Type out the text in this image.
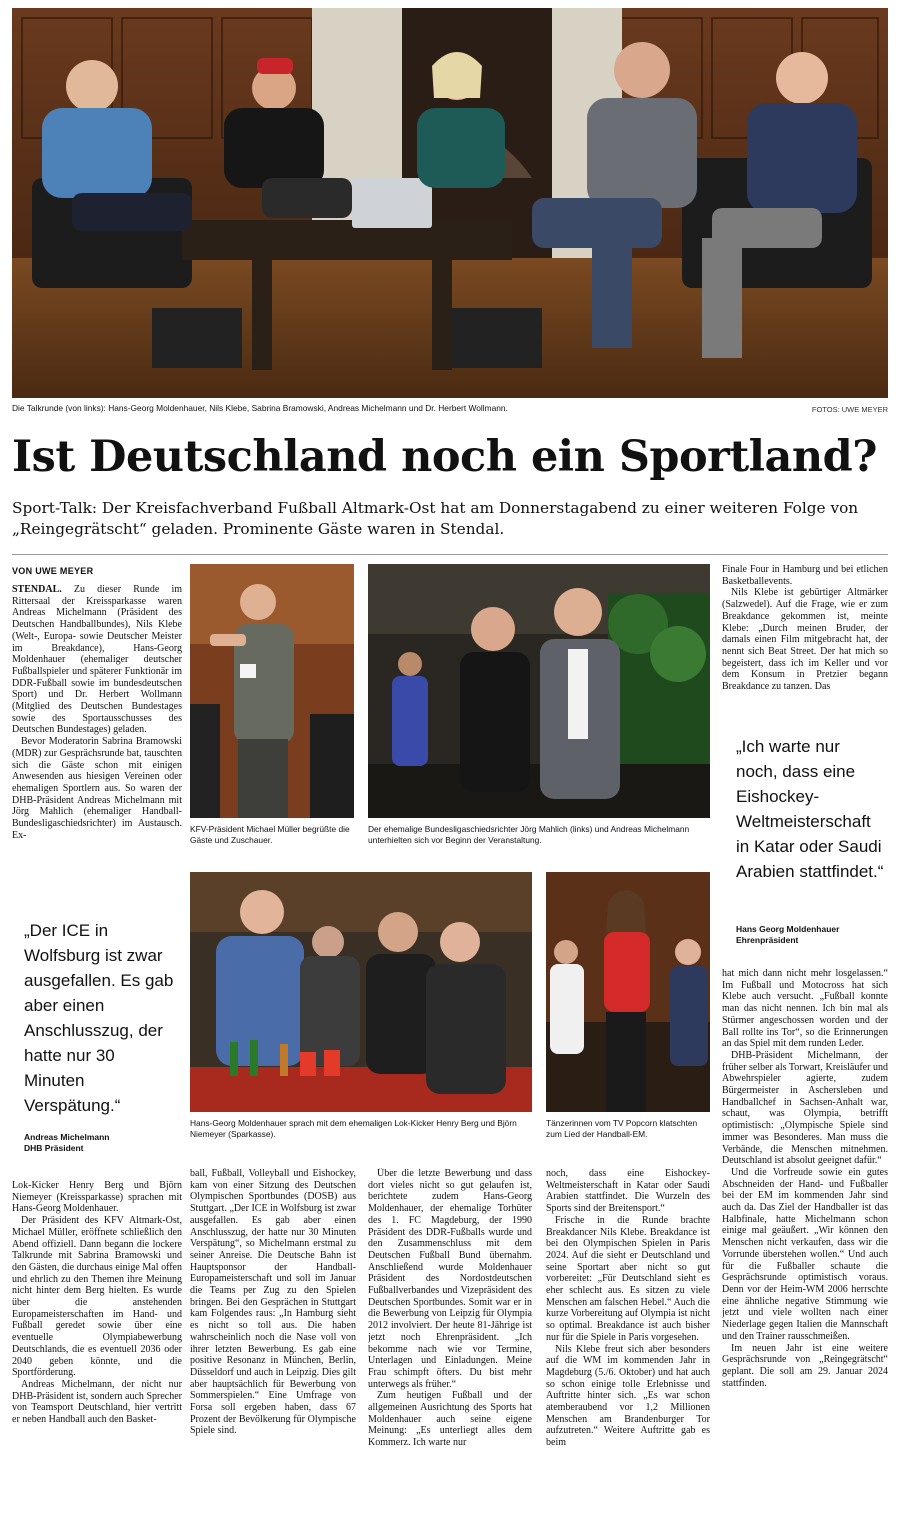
Die Talkrunde (von links): Hans-Georg Moldenhauer, Nils Klebe, Sabrina Bramowski, Andreas Michelmann und Dr. Herbert Wollmann.	FOTOS: UWE MEYER
Ist Deutschland noch ein Sportland?
Sport-Talk: Der Kreisfachverband Fußball Altmark-Ost hat am Donnerstagabend zu einer weiteren Folge von „Reingegrätscht“ geladen. Prominente Gäste waren in Stendal.
VON UWE MEYER

STENDAL. Zu dieser Runde im Rittersaal der Kreissparkasse waren Andreas Michelmann (Präsident des Deutschen Handballbundes), Nils Klebe (Welt-, Europa- sowie Deutscher Meister im Breakdance), Hans-Georg Moldenhauer (ehemaliger deutscher Fußballspieler und späterer Funktionär im DDR-Fußball sowie im bundesdeutschen Sport) und Dr. Herbert Wollmann (Mitglied des Deutschen Bundestages sowie des Sportausschusses des Deutschen Bundestages) geladen.

Bevor Moderatorin Sabrina Bramowski (MDR) zur Gesprächsrunde bat, tauschten sich die Gäste schon mit einigen Anwesenden aus hiesigen Vereinen oder ehemaligen Sportlern aus. So waren der DHB-Präsident Andreas Michelmann mit Jörg Mahlich (ehemaliger Handball-Bundesligaschiedsrichter) im Austausch. Ex-

„Der ICE in Wolfsburg ist zwar ausgefallen. Es gab aber einen Anschlusszug, der hatte nur 30 Minuten Verspätung.“
Andreas Michelmann
DHB Präsident

Lok-Kicker Henry Berg und Björn Niemeyer (Kreissparkasse) sprachen mit Hans-Georg Moldenhauer.

Der Präsident des KFV Altmark-Ost, Michael Müller, eröffnete schließlich den Abend offiziell. Dann begann die lockere Talkrunde mit Sabrina Bramowski und den Gästen, die durchaus einige Mal offen und ehrlich zu den Themen ihre Meinung nicht hinter dem Berg hielten. Es wurde über die anstehenden Europameisterschaften im Hand- und Fußball geredet sowie über eine eventuelle Olympiabewerbung Deutschlands, die es eventuell 2036 oder 2040 geben könnte, und die Sportförderung.

Andreas Michelmann, der nicht nur DHB-Präsident ist, sondern auch Sprecher von Teamsport Deutschland, hier vertritt er neben Handball auch den Basket-

KFV-Präsident Michael Müller begrüßte die Gäste und Zuschauer.
Der ehemalige Bundesligaschiedsrichter Jörg Mahlich (links) und Andreas Michelmann unterhielten sich vor Beginn der Veranstaltung.
Hans-Georg Moldenhauer sprach mit dem ehemaligen Lok-Kicker Henry Berg und Björn Niemeyer (Sparkasse).
Tänzerinnen vom TV Popcorn klatschten zum Lied der Handball-EM.

ball, Fußball, Volleyball und Eishockey, kam von einer Sitzung des Deutschen Olympischen Sportbundes (DOSB) aus Stuttgart. „Der ICE in Wolfsburg ist zwar ausgefallen. Es gab aber einen Anschlusszug, der hatte nur 30 Minuten Verspätung“, so Michelmann erstmal zu seiner Anreise. Die Deutsche Bahn ist Hauptsponsor der Handball-Europameisterschaft und soll im Januar die Teams per Zug zu den Spielen bringen. Bei den Gesprächen in Stuttgart kam Folgendes raus: „In Hamburg sieht es nicht so toll aus. Die haben wahrscheinlich noch die Nase voll von ihrer letzten Bewerbung. Es gab eine positive Resonanz in München, Berlin, Düsseldorf und auch in Leipzig. Dies gilt aber hauptsächlich für Bewerbung von Sommerspielen.“ Eine Umfrage von Forsa soll ergeben haben, dass 67 Prozent der Bevölkerung für Olympische Spiele sind.

Über die letzte Bewerbung und dass dort vieles nicht so gut gelaufen ist, berichtete zudem Hans-Georg Moldenhauer, der ehemalige Torhüter des 1. FC Magdeburg, der 1990 Präsident des DDR-Fußballs wurde und den Zusammenschluss mit dem Deutschen Fußball Bund übernahm. Anschließend wurde Moldenhauer Präsident des Nordostdeutschen Fußballverbandes und Vizepräsident des Deutschen Sportbundes. Somit war er in die Bewerbung von Leipzig für Olympia 2012 involviert. Der heute 81-Jährige ist jetzt noch Ehrenpräsident. „Ich bekomme nach wie vor Termine, Unterlagen und Einladungen. Meine Frau schimpft öfters. Du bist mehr unterwegs als früher.“

Zum heutigen Fußball und der allgemeinen Ausrichtung des Sports hat Moldenhauer auch seine eigene Meinung: „Es unterliegt alles dem Kommerz. Ich warte nur

noch, dass eine Eishockey-Weltmeisterschaft in Katar oder Saudi Arabien stattfindet. Die Wurzeln des Sports sind der Breitensport.“

Frische in die Runde brachte Breakdancer Nils Klebe. Breakdance ist bei den Olympischen Spielen in Paris 2024. Auf die sieht er Deutschland und seine Sportart aber nicht so gut vorbereitet: „Für Deutschland sieht es eher schlecht aus. Es sitzen zu viele Menschen am falschen Hebel.“ Auch die kurze Vorbereitung auf Olympia ist nicht so optimal. Breakdance ist auch bisher nur für die Spiele in Paris vorgesehen.

Nils Klebe freut sich aber besonders auf die WM im kommenden Jahr in Magdeburg (5./6. Oktober) und hat auch so schon einige tolle Erlebnisse und Auftritte hinter sich. „Es war schon atemberaubend vor 1,2 Millionen Menschen am Brandenburger Tor aufzutreten.“ Weitere Auftritte gab es beim

Finale Four in Hamburg und bei etlichen Basketballevents.

Nils Klebe ist gebürtiger Altmärker (Salzwedel). Auf die Frage, wie er zum Breakdance gekommen ist, meinte Klebe: „Durch meinen Bruder, der damals einen Film mitgebracht hat, der nennt sich Beat Street. Der hat mich so begeistert, dass ich im Keller und vor dem Konsum in Pretzier begann Breakdance zu tanzen. Das

„Ich warte nur noch, dass eine Eishockey-Weltmeisterschaft in Katar oder Saudi Arabien stattfindet.“
Hans Georg Moldenhauer
Ehrenpräsident

hat mich dann nicht mehr losgelassen.“ Im Fußball und Motocross hat sich Klebe auch versucht. „Fußball konnte man das nicht nennen. Ich bin mal als Stürmer angeschossen worden und der Ball rollte ins Tor“, so die Erinnerungen an das Spiel mit dem runden Leder.

DHB-Präsident Michelmann, der früher selber als Torwart, Kreisläufer und Abwehrspieler agierte, zudem Bürgermeister in Aschersleben und Handballchef in Sachsen-Anhalt war, schaut, was Olympia, betrifft optimistisch: „Olympische Spiele sind immer was Besonderes. Man muss die Verbände, die Menschen mitnehmen. Deutschland ist absolut geeignet dafür.“

Und die Vorfreude sowie ein gutes Abschneiden der Hand- und Fußballer bei der EM im kommenden Jahr sind auch da. Das Ziel der Handballer ist das Halbfinale, hatte Michelmann schon einige mal geäußert. „Wir können den Menschen nicht verkaufen, dass wir die Vorrunde überstehen wollen.“ Und auch für die Fußballer schaute die Gesprächsrunde optimistisch voraus. Denn vor der Heim-WM 2006 herrschte eine ähnliche negative Stimmung wie jetzt und viele wollten nach einer Niederlage gegen Italien die Mannschaft und den Trainer rausschmeißen.

Im neuen Jahr ist eine weitere Gesprächsrunde von „Reingegrätscht“ geplant. Die soll am 29. Januar 2024 stattfinden.
